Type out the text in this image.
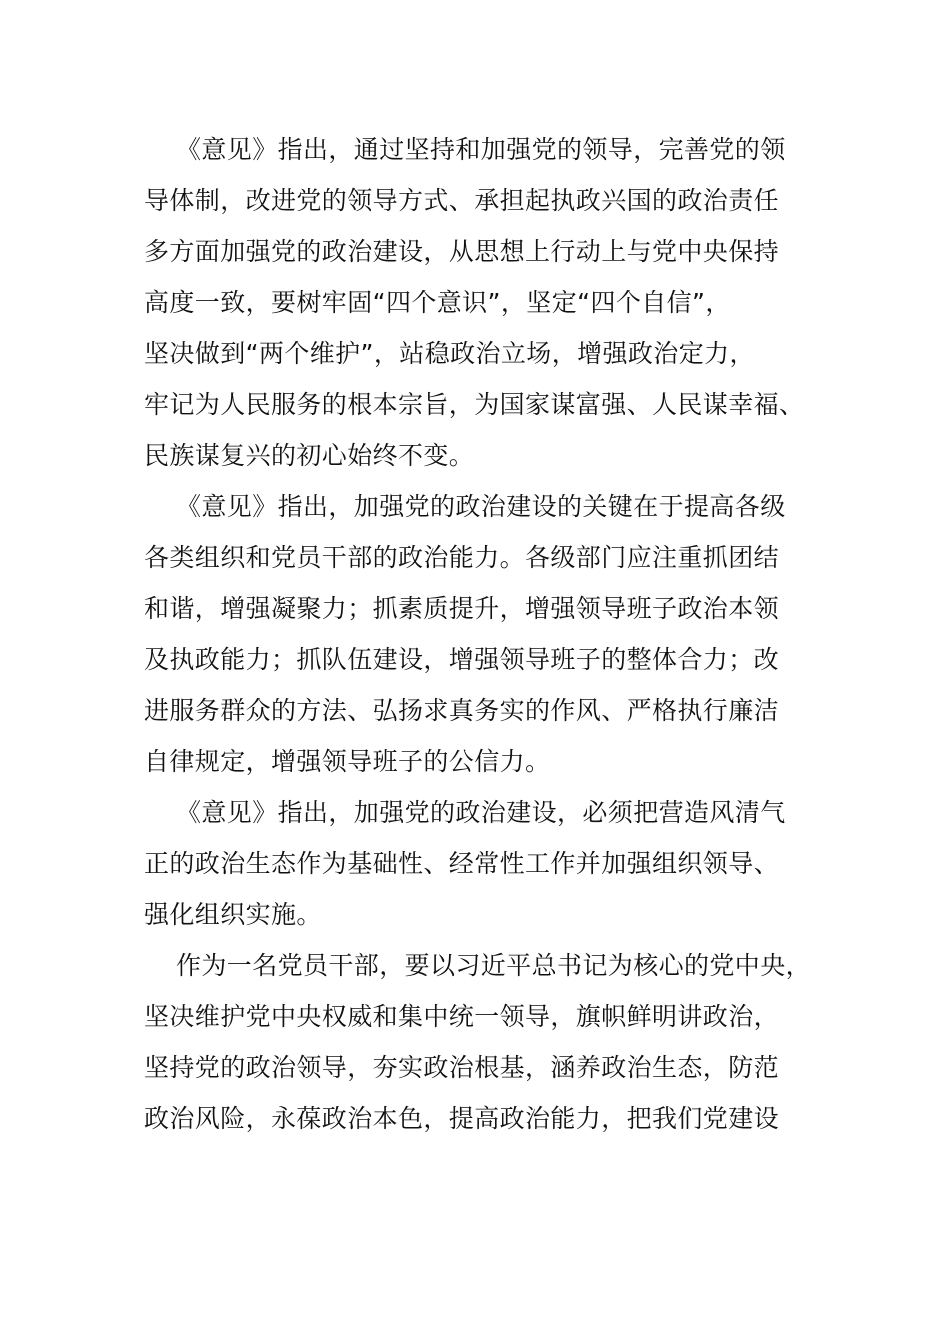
《意见》指出，通过坚持和加强党的领导，完善党的领
导体制，改进党的领导方式、承担起执政兴国的政治责任
多方面加强党的政治建设，从思想上行动上与党中央保持
高度一致，要树牢固“四个意识”，坚定“四个自信”，
坚决做到“两个维护”，站稳政治立场，增强政治定力，
牢记为人民服务的根本宗旨，为国家谋富强、人民谋幸福、
民族谋复兴的初心始终不变。
《意见》指出，加强党的政治建设的关键在于提高各级
各类组织和党员干部的政治能力。各级部门应注重抓团结
和谐，增强凝聚力；抓素质提升，增强领导班子政治本领
及执政能力；抓队伍建设，增强领导班子的整体合力；改
进服务群众的方法、弘扬求真务实的作风、严格执行廉洁
自律规定，增强领导班子的公信力。
《意见》指出，加强党的政治建设，必须把营造风清气
正的政治生态作为基础性、经常性工作并加强组织领导、
强化组织实施。
作为一名党员干部，要以习近平总书记为核心的党中央，
坚决维护党中央权威和集中统一领导，旗帜鲜明讲政治，
坚持党的政治领导，夯实政治根基，涵养政治生态，防范
政治风险，永葆政治本色，提高政治能力，把我们党建设
